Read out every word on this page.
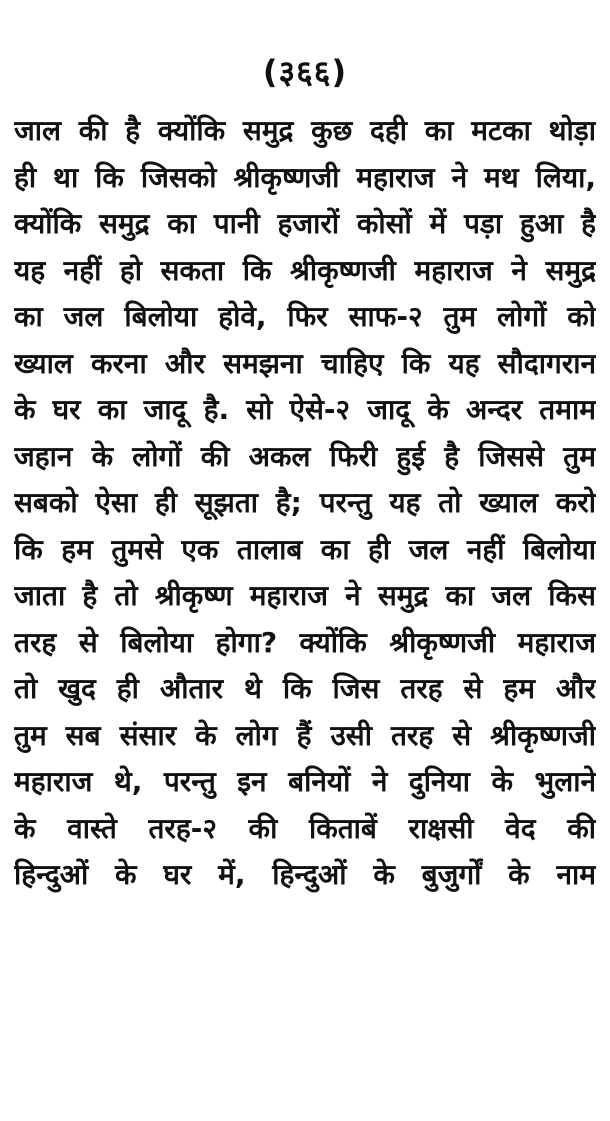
(३६६)
जाल की है क्योंकि समुद्र कुछ दही का मटका थोड़ा
ही था कि जिसको श्रीकृष्णजी महाराज ने मथ लिया,
क्योंकि समुद्र का पानी हजारों कोसों में पड़ा हुआ है
यह नहीं हो सकता कि श्रीकृष्णजी महाराज ने समुद्र
का जल बिलोया होवे, फिर साफ-२ तुम लोगों को
ख्याल करना और समझना चाहिए कि यह सौदागरान
के घर का जादू है. सो ऐसे-२ जादू के अन्दर तमाम
जहान के लोगों की अकल फिरी हुई है जिससे तुम
सबको ऐसा ही सूझता है; परन्तु यह तो ख्याल करो
कि हम तुमसे एक तालाब का ही जल नहीं बिलोया
जाता है तो श्रीकृष्ण महाराज ने समुद्र का जल किस
तरह से बिलोया होगा? क्योंकि श्रीकृष्णजी महाराज
तो खुद ही औतार थे कि जिस तरह से हम और
तुम सब संसार के लोग हैं उसी तरह से श्रीकृष्णजी
महाराज थे, परन्तु इन बनियों ने दुनिया के भुलाने
के वास्ते तरह-२ की किताबें राक्षसी वेद की
हिन्दुओं के घर में, हिन्दुओं के बुजुर्गों के नाम
